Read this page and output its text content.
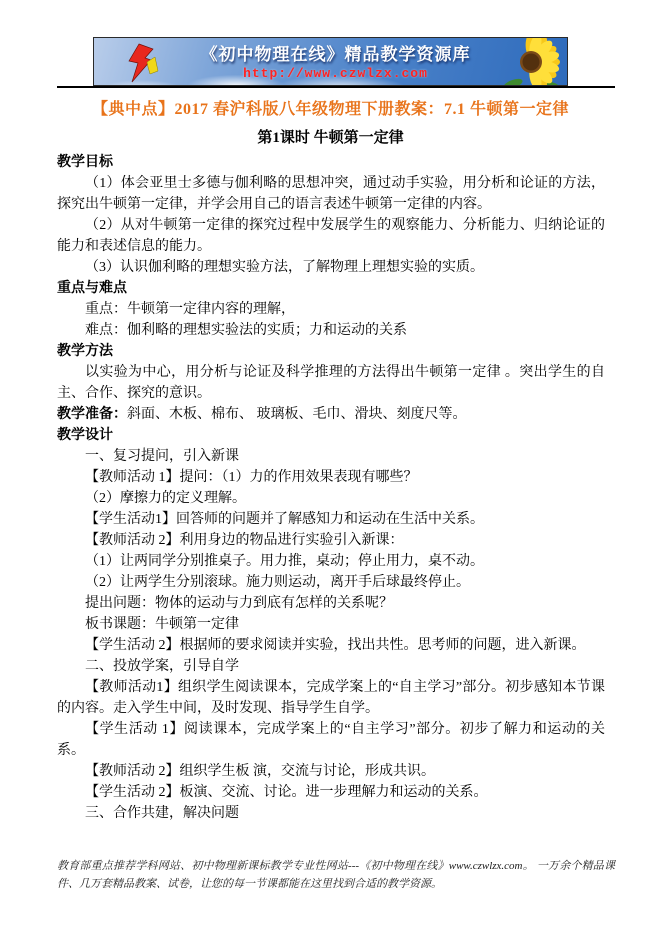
《初中物理在线》精品教学资源库
http://www.czwlzx.com
【典中点】2017 春沪科版八年级物理下册教案：7.1 牛顿第一定律
第1课时 牛顿第一定律
教学目标
（1）体会亚里士多德与伽利略的思想冲突，通过动手实验，用分析和论证的方法，探究出牛顿第一定律，并学会用自己的语言表述牛顿第一定律的内容。
（2）从对牛顿第一定律的探究过程中发展学生的观察能力、分析能力、归纳论证的能力和表述信息的能力。
（3）认识伽利略的理想实验方法，了解物理上理想实验的实质。
重点与难点
重点：牛顿第一定律内容的理解，
难点：伽利略的理想实验法的实质；力和运动的关系
教学方法
以实验为中心，用分析与论证及科学推理的方法得出牛顿第一定律 。突出学生的自主、合作、探究的意识。
教学准备：斜面、木板、棉布、 玻璃板、毛巾、滑块、刻度尺等。
教学设计
一、复习提问，引入新课
【教师活动 1】提问：（1）力的作用效果表现有哪些？
（2）摩擦力的定义理解。
【学生活动1】回答师的问题并了解感知力和运动在生活中关系。
【教师活动 2】利用身边的物品进行实验引入新课：
（1）让两同学分别推桌子。用力推，桌动；停止用力，桌不动。
（2）让两学生分别滚球。施力则运动，离开手后球最终停止。
提出问题：物体的运动与力到底有怎样的关系呢？
板书课题：牛顿第一定律
【学生活动 2】根据师的要求阅读并实验，找出共性。思考师的问题，进入新课。
二、投放学案，引导自学
【教师活动1】组织学生阅读课本，完成学案上的“自主学习”部分。初步感知本节课的内容。走入学生中间，及时发现、指导学生自学。
【学生活动 1】阅读课本，完成学案上的“自主学习”部分。初步了解力和运动的关系。
【教师活动 2】组织学生板 演，交流与讨论，形成共识。
【学生活动 2】板演、交流、讨论。进一步理解力和运动的关系。
三、合作共建，解决问题
教育部重点推荐学科网站、初中物理新课标教学专业性网站---《初中物理在线》www.czwlzx.com。 一万余个精品课件、几万套精品教案、试卷，让您的每一节课都能在这里找到合适的教学资源。
